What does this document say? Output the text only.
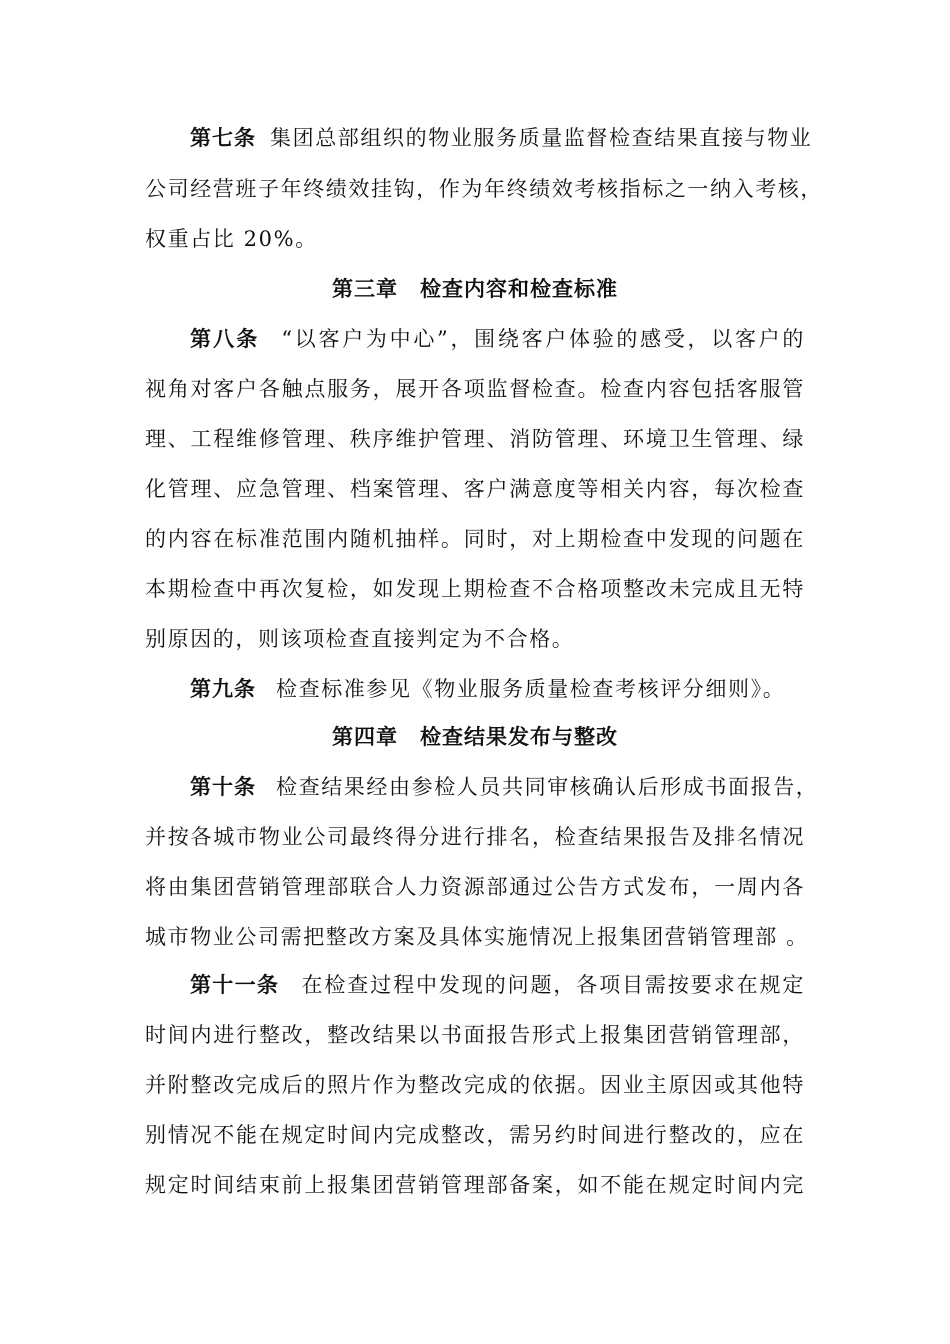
第七条 集团总部组织的物业服务质量监督检查结果直接与物业
公司经营班子年终绩效挂钩，作为年终绩效考核指标之一纳入考核，
权重占比 20%。
第三章　检查内容和检查标准
第八条 “以客户为中心”，围绕客户体验的感受，以客户的
视角对客户各触点服务，展开各项监督检查。检查内容包括客服管
理、工程维修管理、秩序维护管理、消防管理、环境卫生管理、绿
化管理、应急管理、档案管理、客户满意度等相关内容，每次检查
的内容在标准范围内随机抽样。同时，对上期检查中发现的问题在
本期检查中再次复检，如发现上期检查不合格项整改未完成且无特
别原因的，则该项检查直接判定为不合格。
第九条 检查标准参见《物业服务质量检查考核评分细则》。
第四章　检查结果发布与整改
第十条 检查结果经由参检人员共同审核确认后形成书面报告，
并按各城市物业公司最终得分进行排名，检查结果报告及排名情况
将由集团营销管理部联合人力资源部通过公告方式发布，一周内各
城市物业公司需把整改方案及具体实施情况上报集团营销管理部 。
第十一条 在检查过程中发现的问题，各项目需按要求在规定
时间内进行整改，整改结果以书面报告形式上报集团营销管理部，
并附整改完成后的照片作为整改完成的依据。因业主原因或其他特
别情况不能在规定时间内完成整改，需另约时间进行整改的，应在
规定时间结束前上报集团营销管理部备案，如不能在规定时间内完
